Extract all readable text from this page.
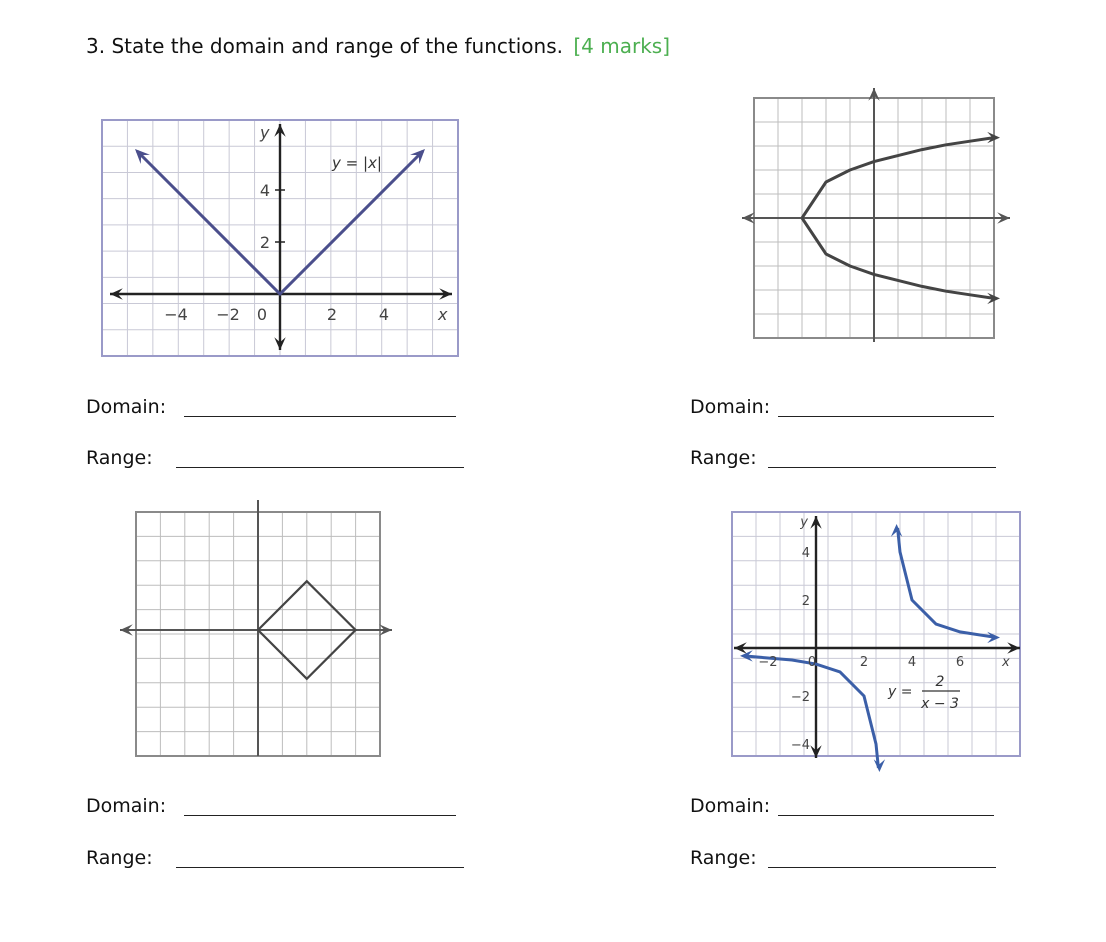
3. State the domain and range of the functions. [4 marks]
−4 −2 0	2	4
2
4
x
y
y = |x|
−2 0	2	4	6
4
2
−2
−4
x
y
y =
2
x − 3
Domain:
Range:
Domain:
Range:
Domain:
Range:
Domain:
Range:
